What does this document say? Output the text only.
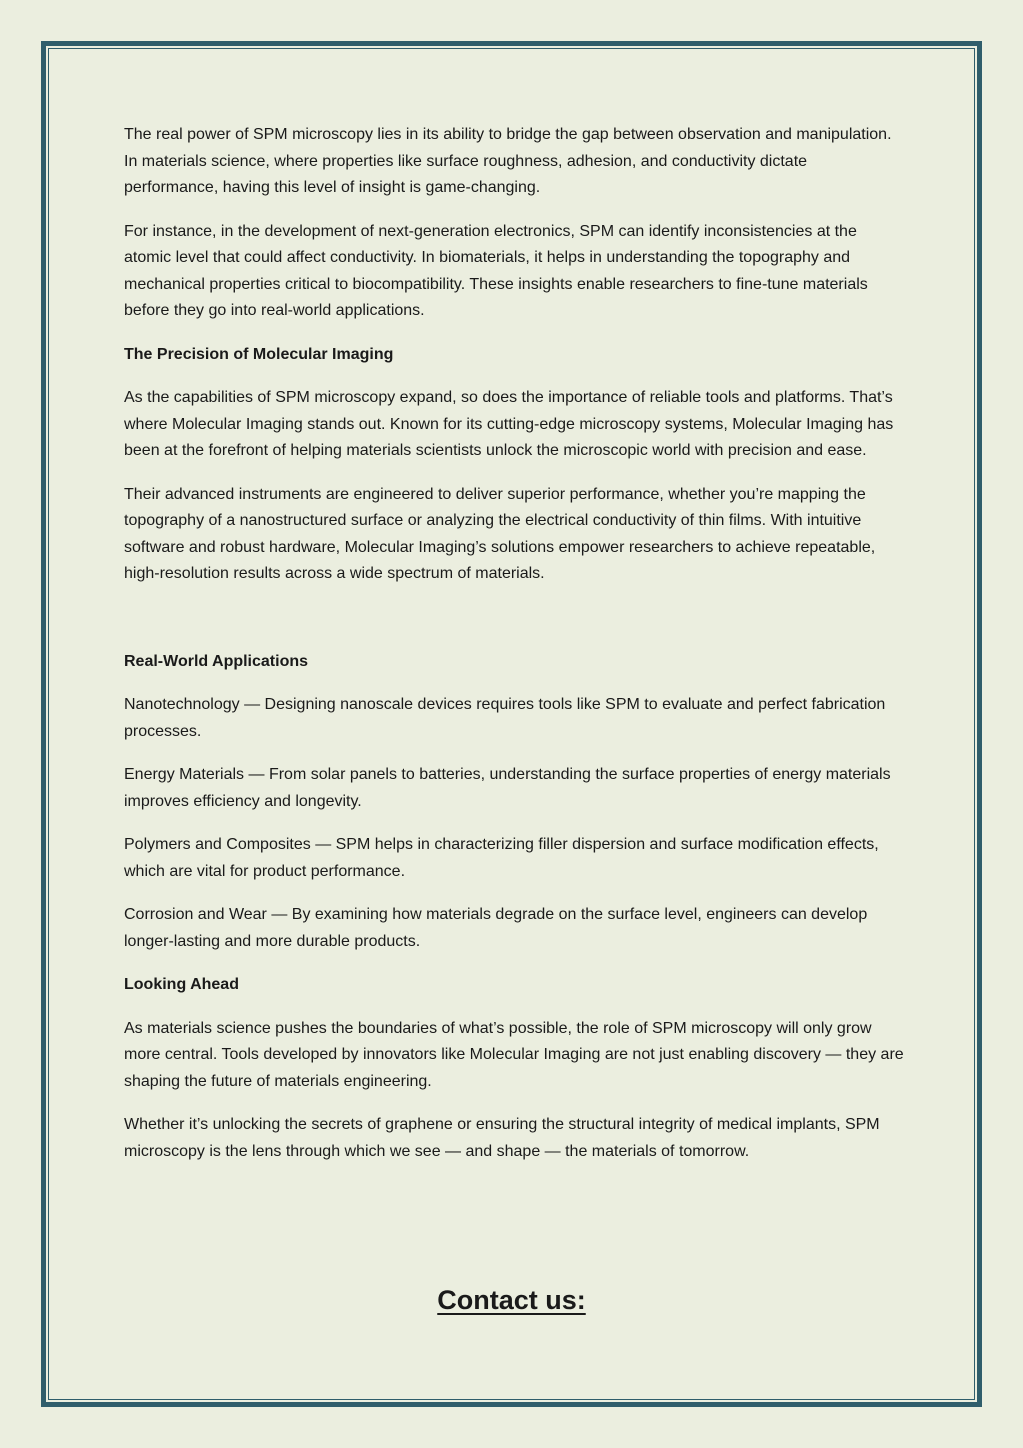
The real power of SPM microscopy lies in its ability to bridge the gap between observation and manipulation. In materials science, where properties like surface roughness, adhesion, and conductivity dictate performance, having this level of insight is game-changing.

For instance, in the development of next-generation electronics, SPM can identify inconsistencies at the atomic level that could affect conductivity. In biomaterials, it helps in understanding the topography and mechanical properties critical to biocompatibility. These insights enable researchers to fine-tune materials before they go into real-world applications.

The Precision of Molecular Imaging

As the capabilities of SPM microscopy expand, so does the importance of reliable tools and platforms. That’s where Molecular Imaging stands out. Known for its cutting-edge microscopy systems, Molecular Imaging has been at the forefront of helping materials scientists unlock the microscopic world with precision and ease.

Their advanced instruments are engineered to deliver superior performance, whether you’re mapping the topography of a nanostructured surface or analyzing the electrical conductivity of thin films. With intuitive software and robust hardware, Molecular Imaging’s solutions empower researchers to achieve repeatable, high-resolution results across a wide spectrum of materials.

Real-World Applications

Nanotechnology — Designing nanoscale devices requires tools like SPM to evaluate and perfect fabrication processes.

Energy Materials — From solar panels to batteries, understanding the surface properties of energy materials improves efficiency and longevity.

Polymers and Composites — SPM helps in characterizing filler dispersion and surface modification effects, which are vital for product performance.

Corrosion and Wear — By examining how materials degrade on the surface level, engineers can develop longer-lasting and more durable products.

Looking Ahead

As materials science pushes the boundaries of what’s possible, the role of SPM microscopy will only grow more central. Tools developed by innovators like Molecular Imaging are not just enabling discovery — they are shaping the future of materials engineering.

Whether it’s unlocking the secrets of graphene or ensuring the structural integrity of medical implants, SPM microscopy is the lens through which we see — and shape — the materials of tomorrow.

Contact us:
